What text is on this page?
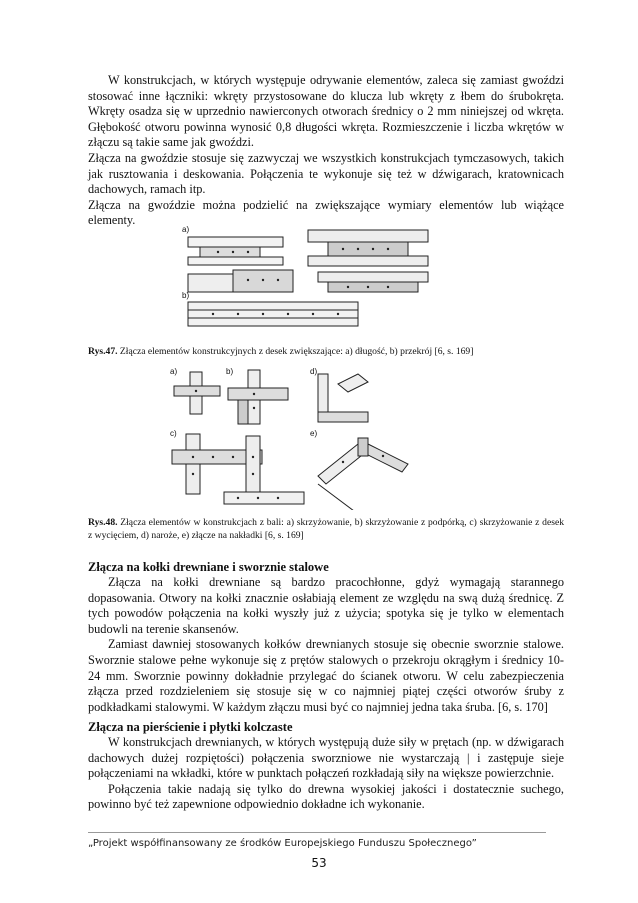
W konstrukcjach, w których występuje odrywanie elementów, zaleca się zamiast gwoździ stosować inne łączniki: wkręty przystosowane do klucza lub wkręty z łbem do śrubokręta. Wkręty osadza się w uprzednio nawierconych otworach średnicy o 2 mm niniejszej od wkręta. Głębokość otworu powinna wynosić 0,8 długości wkręta. Rozmieszczenie i liczba wkrętów w złączu są takie same jak gwoździ.

Złącza na gwoździe stosuje się zazwyczaj we wszystkich konstrukcjach tymczasowych, takich jak rusztowania i deskowania. Połączenia te wykonuje się też w dźwigarach, kratownicach dachowych, ramach itp.

Złącza na gwoździe można podzielić na zwiększające wymiary elementów lub wiążące elementy.

a)
b)
Rys.47. Złącza elementów konstrukcyjnych z desek zwiększające: a) długość, b) przekrój [6, s. 169]
a)	b)	d)
c)	e)
Rys.48. Złącza elementów w konstrukcjach z bali: a) skrzyżowanie, b) skrzyżowanie z podpórką, c) skrzyżowanie z desek z wycięciem, d) naroże, e) złącze na nakładki [6, s. 169]
Złącza na kołki drewniane i sworznie stalowe

Złącza na kołki drewniane są bardzo pracochłonne, gdyż wymagają starannego dopasowania. Otwory na kołki znacznie osłabiają element ze względu na swą dużą średnicę. Z tych powodów połączenia na kołki wyszły już z użycia; spotyka się je tylko w elementach budowli na terenie skansenów.

Zamiast dawniej stosowanych kołków drewnianych stosuje się obecnie sworznie stalowe. Sworznie stalowe pełne wykonuje się z prętów stalowych o przekroju okrągłym i średnicy 10-24 mm. Sworznie powinny dokładnie przylegać do ścianek otworu. W celu zabezpieczenia złącza przed rozdzieleniem się stosuje się w co najmniej piątej części otworów śruby z podkładkami stalowymi. W każdym złączu musi być co najmniej jedna taka śruba. [6, s. 170]

Złącza na pierścienie i płytki kolczaste

W konstrukcjach drewnianych, w których występują duże siły w prętach (np. w dźwigarach dachowych dużej rozpiętości) połączenia sworzniowe nie wystarczają | i zastępuje sieje połączeniami na wkładki, które w punktach połączeń rozkładają siły na większe powierzchnie.

Połączenia takie nadają się tylko do drewna wysokiej jakości i dostatecznie suchego, powinno być też zapewnione odpowiednio dokładne ich wykonanie.

„Projekt współfinansowany ze środków Europejskiego Funduszu Społecznego”
53
